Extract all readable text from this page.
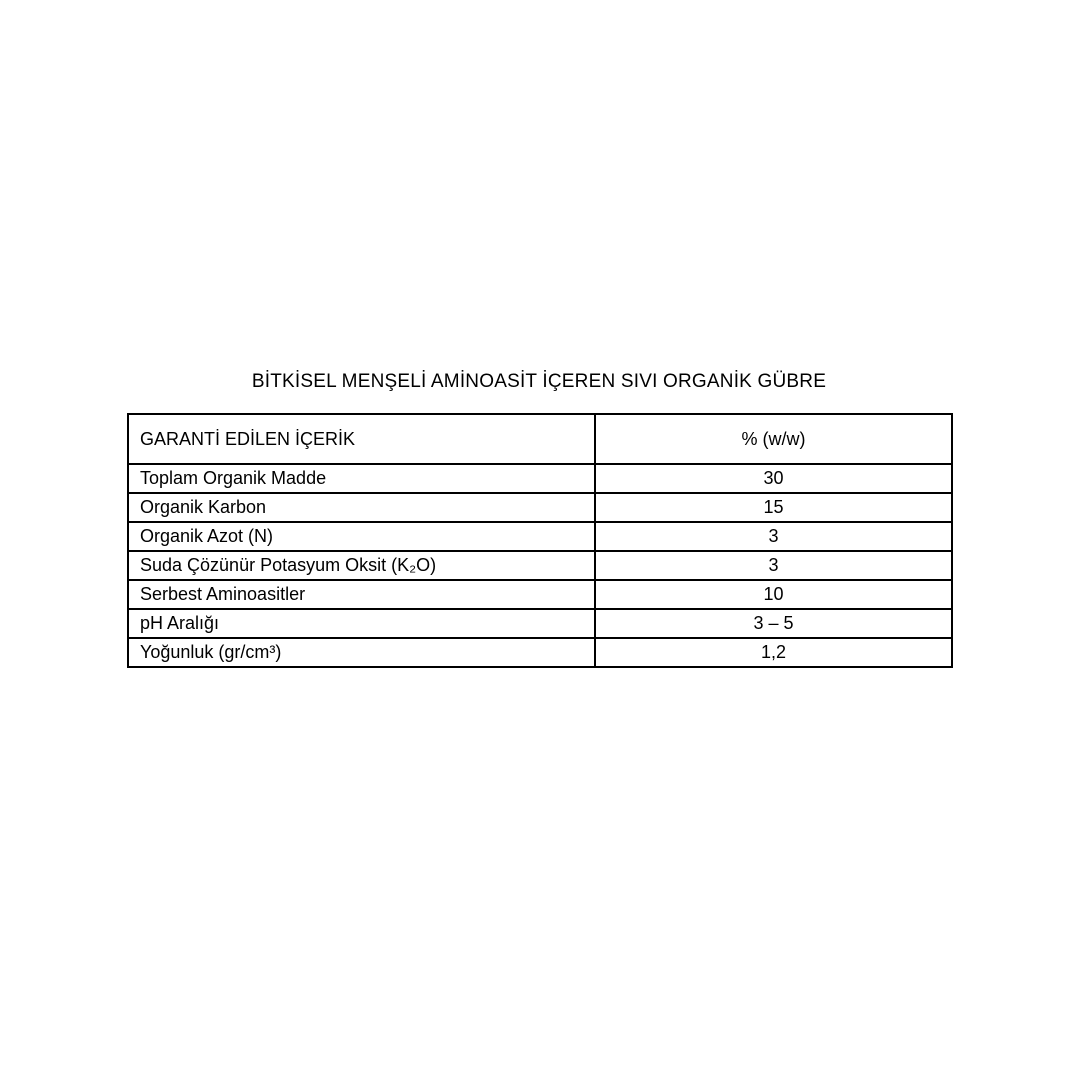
BİTKİSEL MENŞELİ AMİNOASİT İÇEREN SIVI ORGANİK GÜBRE
GARANTİ EDİLEN İÇERİK	% (w/w)
Toplam Organik Madde	30
Organik Karbon	15
Organik Azot (N)	3
Suda Çözünür Potasyum Oksit (K₂O)	3
Serbest Aminoasitler	10
pH Aralığı	3 – 5
Yoğunluk (gr/cm³)	1,2
